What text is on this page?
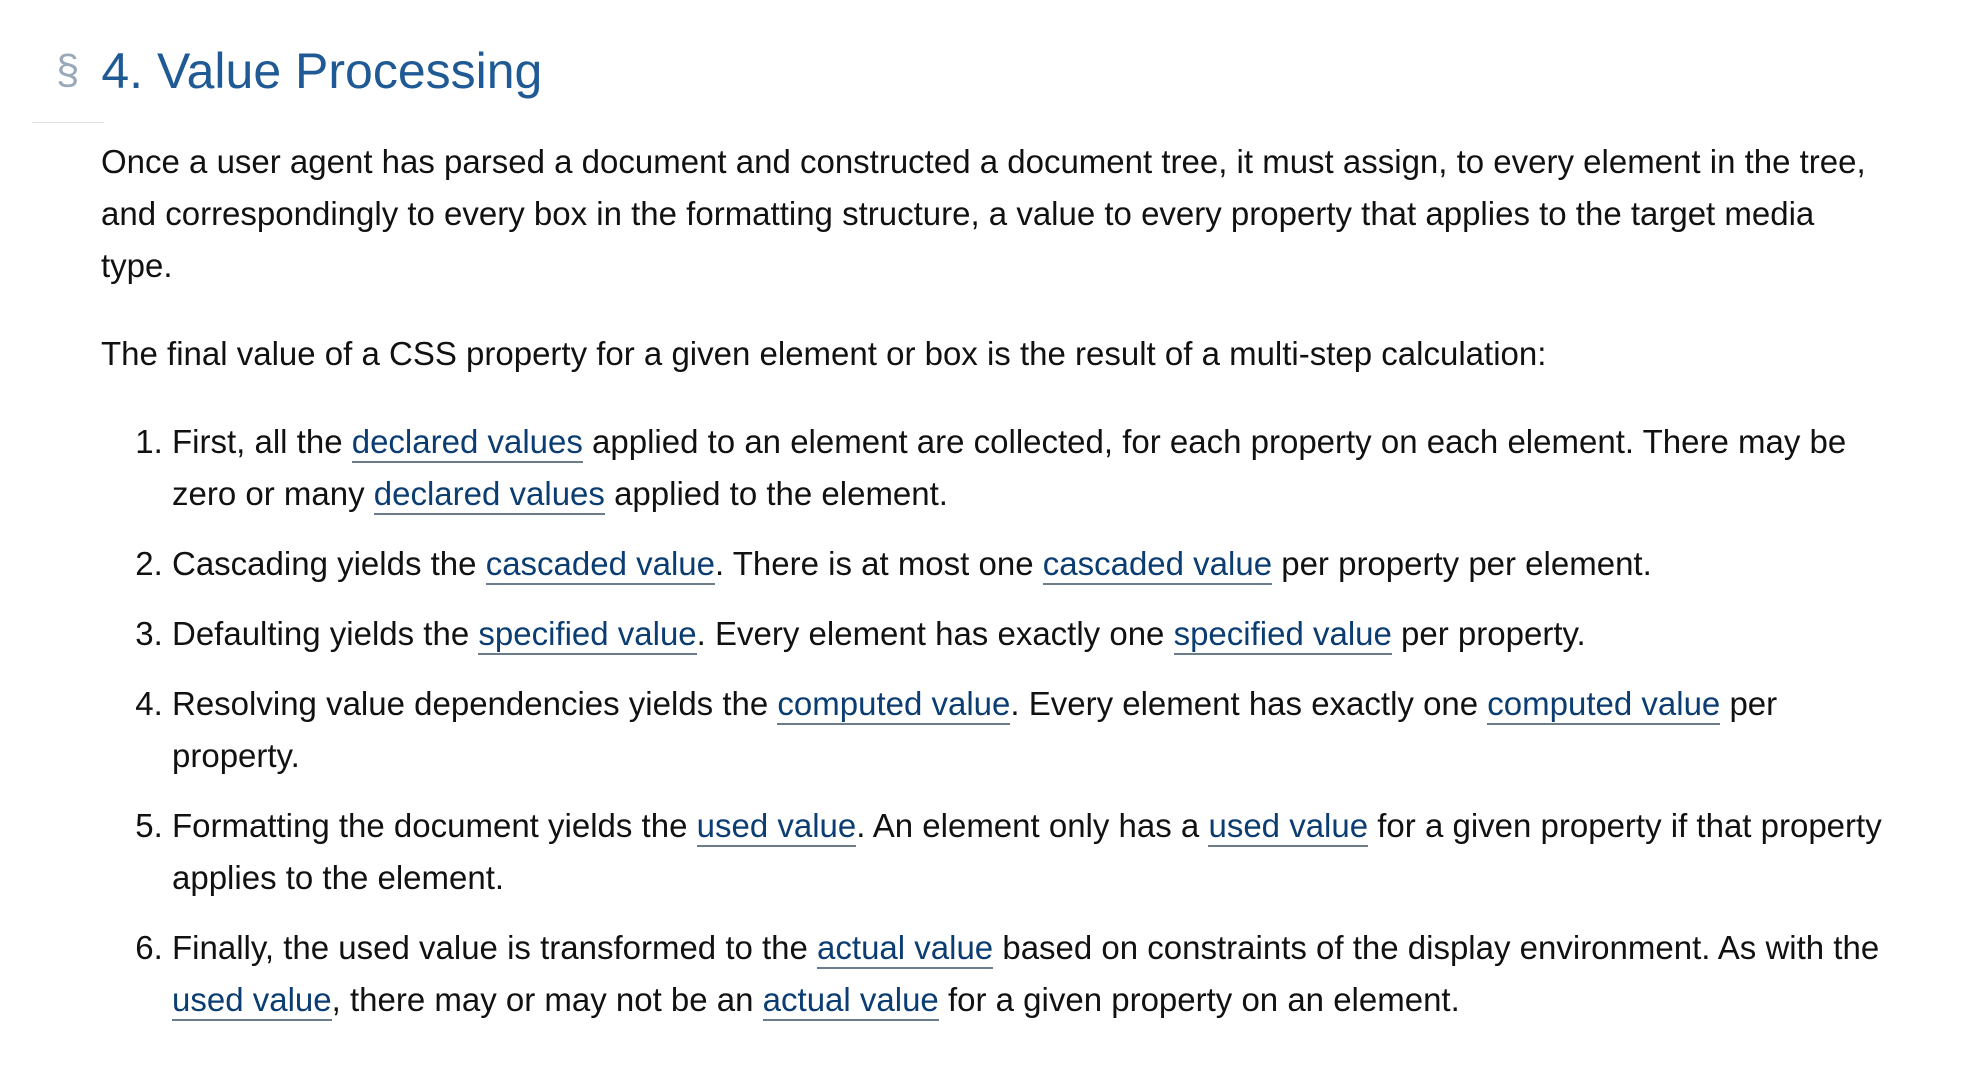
§ 4. Value Processing

Once a user agent has parsed a document and constructed a document tree, it must assign, to every element in the tree, and correspondingly to every box in the formatting structure, a value to every property that applies to the target media type.

The final value of a CSS property for a given element or box is the result of a multi-step calculation:

1. First, all the declared values applied to an element are collected, for each property on each element. There may be zero or many declared values applied to the element.
2. Cascading yields the cascaded value. There is at most one cascaded value per property per element.
3. Defaulting yields the specified value. Every element has exactly one specified value per property.
4. Resolving value dependencies yields the computed value. Every element has exactly one computed value per property.
5. Formatting the document yields the used value. An element only has a used value for a given property if that property applies to the element.
6. Finally, the used value is transformed to the actual value based on constraints of the display environment. As with the used value, there may or may not be an actual value for a given property on an element.
